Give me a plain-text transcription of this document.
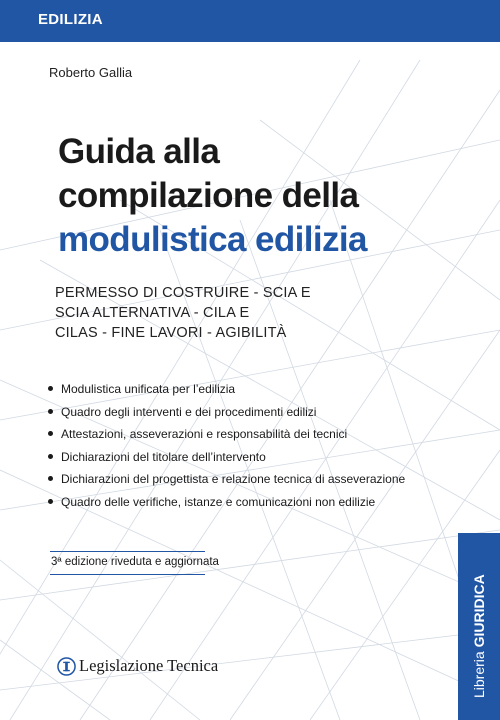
EDILIZIA
Roberto Gallia
Guida alla
compilazione della
modulistica edilizia
PERMESSO DI COSTRUIRE - SCIA E
SCIA ALTERNATIVA - CILA E
CILAS - FINE LAVORI - AGIBILITÀ
Modulistica unificata per l’edilizia
Quadro degli interventi e dei procedimenti edilizi
Attestazioni, asseverazioni e responsabilità dei tecnici
Dichiarazioni del titolare dell’intervento
Dichiarazioni del progettista e relazione tecnica di asseverazione
Quadro delle verifiche, istanze e comunicazioni non edilizie
3ª edizione riveduta e aggiornata
Libreria GIURIDICA
Legislazione Tecnica
